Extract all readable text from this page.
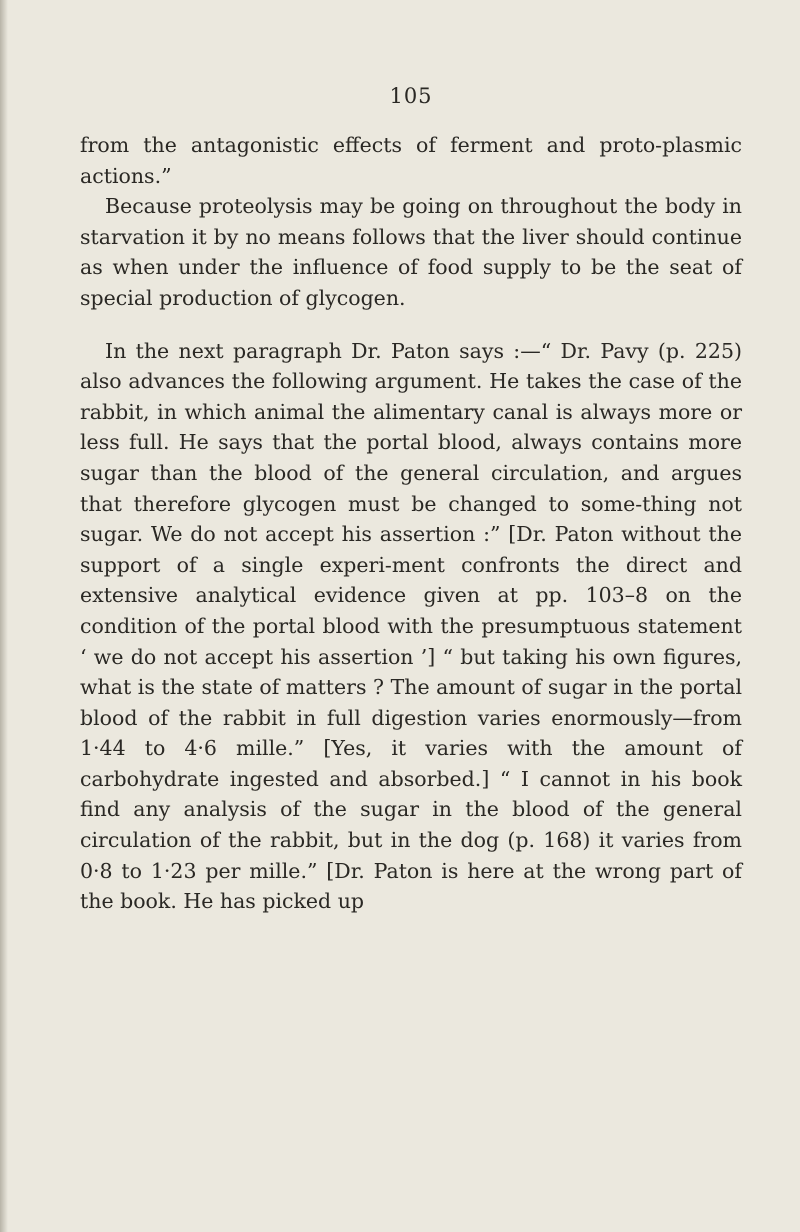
105

from the antagonistic effects of ferment and proto-plasmic actions.”

Because proteolysis may be going on throughout the body in starvation it by no means follows that the liver should continue as when under the influence of food supply to be the seat of special production of glycogen.

In the next paragraph Dr. Paton says :—“ Dr. Pavy (p. 225) also advances the following argument. He takes the case of the rabbit, in which animal the alimentary canal is always more or less full. He says that the portal blood, always contains more sugar than the blood of the general circulation, and argues that therefore glycogen must be changed to some-thing not sugar. We do not accept his assertion :” [Dr. Paton without the support of a single experi-ment confronts the direct and extensive analytical evidence given at pp. 103–8 on the condition of the portal blood with the presumptuous statement ‘ we do not accept his assertion ’] “ but taking his own figures, what is the state of matters ? The amount of sugar in the portal blood of the rabbit in full digestion varies enormously—from 1·44 to 4·6 mille.” [Yes, it varies with the amount of carbohydrate ingested and absorbed.] “ I cannot in his book find any analysis of the sugar in the blood of the general circulation of the rabbit, but in the dog (p. 168) it varies from 0·8 to 1·23 per mille.” [Dr. Paton is here at the wrong part of the book. He has picked up
